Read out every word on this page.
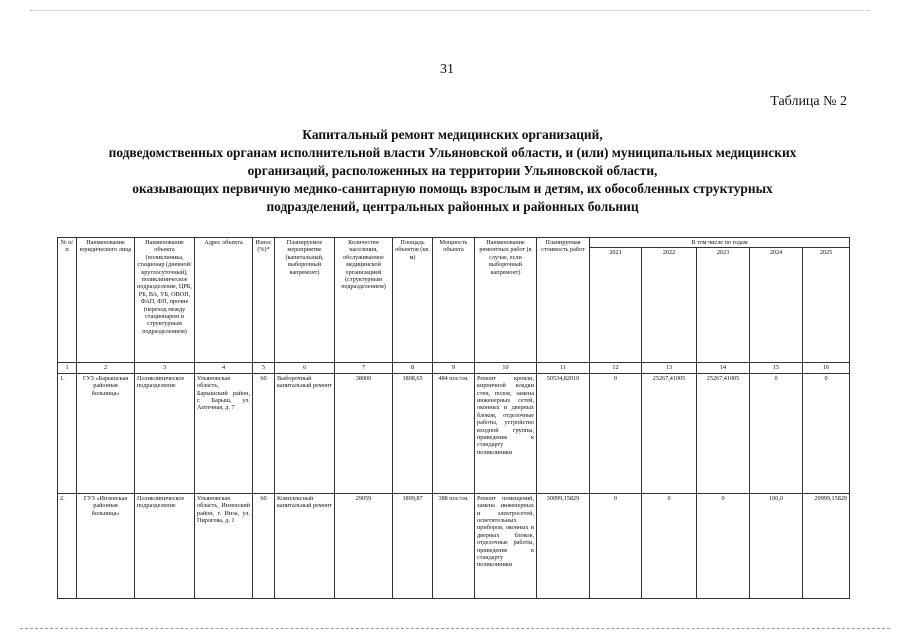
31
Таблица № 2
Капитальный ремонт медицинских организаций,
подведомственных органам исполнительной власти Ульяновской области, и (или) муниципальных медицинских
организаций, расположенных на территории Ульяновской области,
оказывающих первичную медико-санитарную помощь взрослым и детям, их обособленных структурных
подразделений, центральных районных и районных больниц
№ п/п	Наименование юридического лица	Наименование объекта (поликлиника, стационар (дневной/круглосуточный), поликлиническое подразделение, ЦРБ, РБ, ВА, УБ, ОВОП, ФАП, ФП, прочие (переход между стационаром и структурным подразделением)	Адрес объекта	Износ (%)*	Планируемое мероприятие (капитальный, выборочный капремонт)	Количество населения, обслуживаемое медицинской организацией (структурным подразделением)	Площадь объектов (кв. м)	Мощность объекта	Наименование ремонтных работ (в случае, если выборочный капремонт)	Планируемая стоимость работ	В том числе по годам				
											2021	2022	2023	2024	2025
1	2	3	4	5	6	7	8	9	10	11	12	13	14	15	16
1.	ГУЗ «Барышская районная больница»	Поликлиническое подразделение	Ульяновская область, Барышский район, г. Барыш, ул. Аптечная, д. 7	60	Выборочный капитальный ремонт	38000	1808,65	484 пос/см.	Ремонт кровли, кирпичной кладки стен, полов, замена инженерных сетей, оконных и дверных блоков, отделочные работы, устройство входной группы, приведение к стандарту поликлиники	50534,82010	0	25267,41005	25267,41005	0	0
2.	ГУЗ «Инзенская районная больница»	Поликлиническое подразделение	Ульяновская область, Инзенский район, г. Инза, ул. Пирогова, д. 1	60	Комплексный капитальный ремонт	29059	1899,87	388 пос/см.	Ремонт помещений, замена инженерных и электросетей, осветительных приборов, оконных и дверных блоков, отделочные работы, приведение к стандарту поликлиники	30099,15829	0	0	0	100,0	29999,15829
